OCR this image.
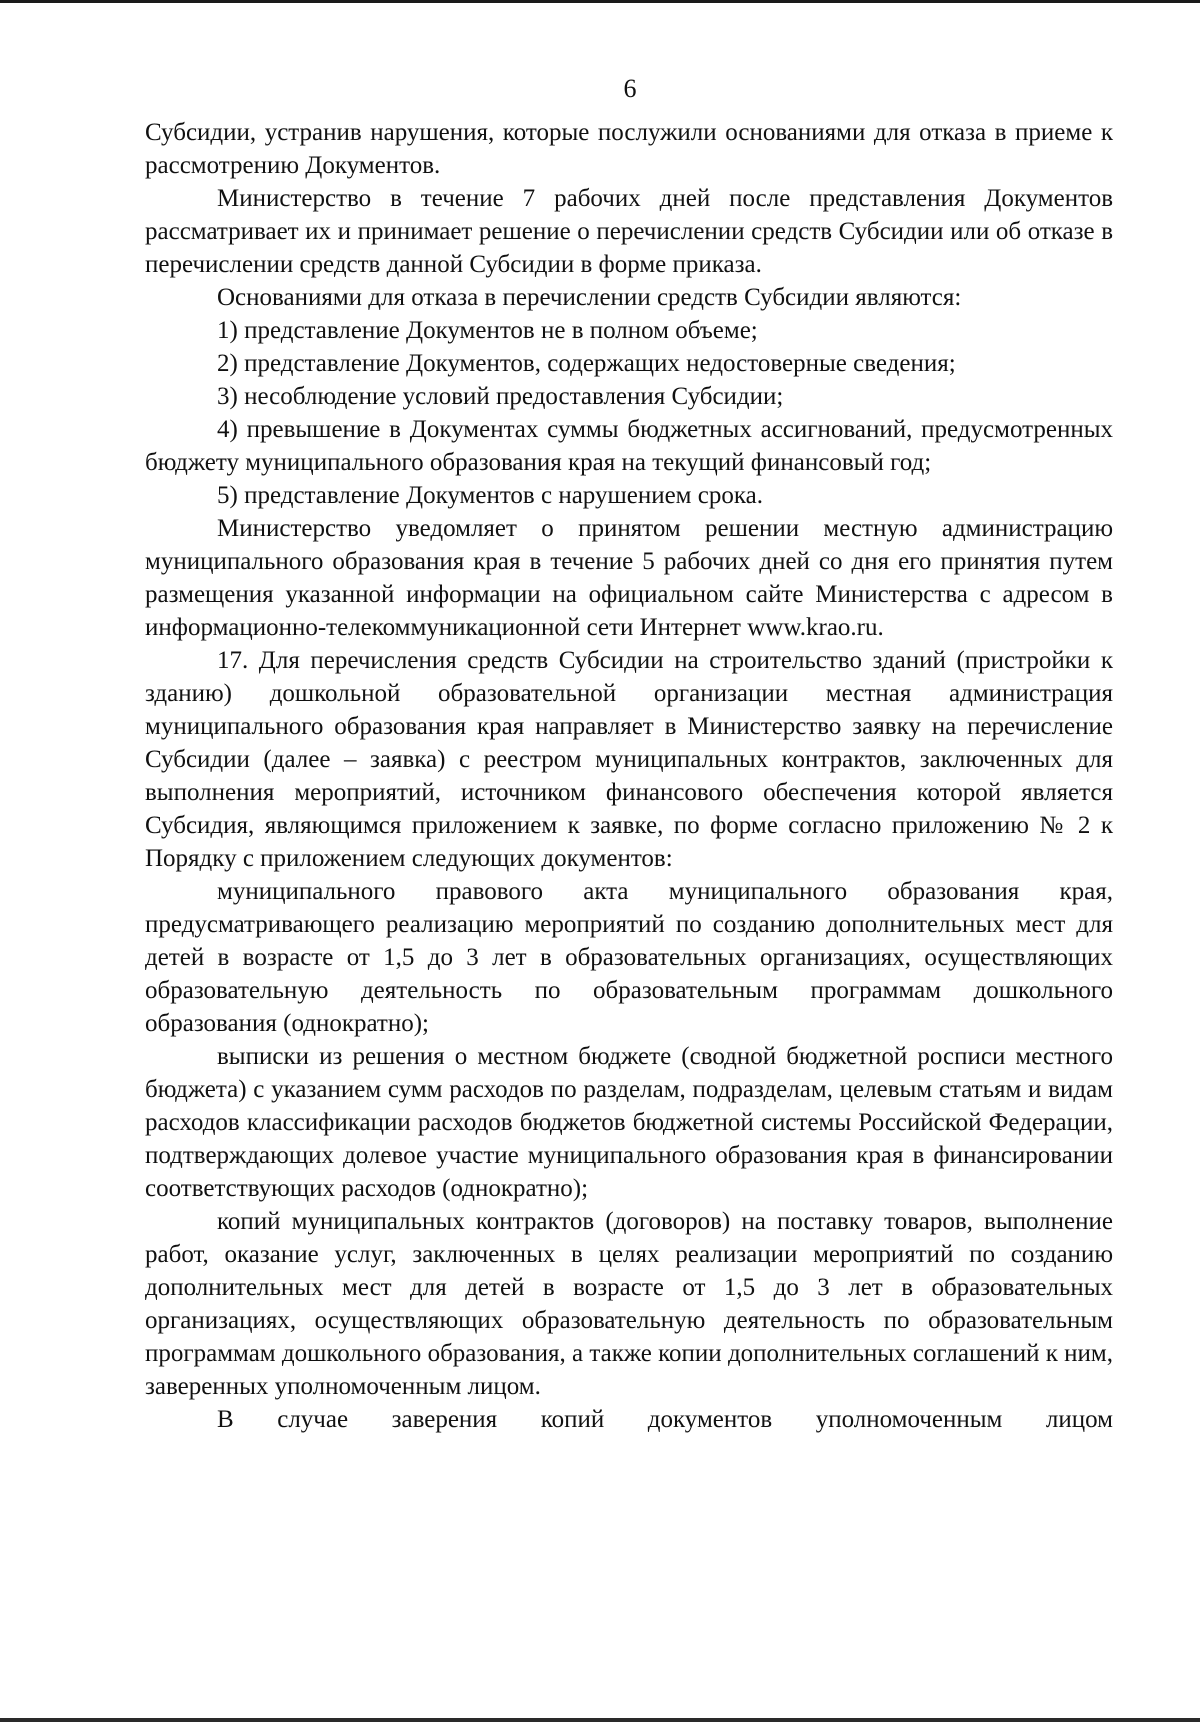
6

Субсидии, устранив нарушения, которые послужили основаниями для отказа в приеме к рассмотрению Документов.

Министерство в течение 7 рабочих дней после представления Документов рассматривает их и принимает решение о перечислении средств Субсидии или об отказе в перечислении средств данной Субсидии в форме приказа.

Основаниями для отказа в перечислении средств Субсидии являются:

1) представление Документов не в полном объеме;

2) представление Документов, содержащих недостоверные сведения;

3) несоблюдение условий предоставления Субсидии;

4) превышение в Документах суммы бюджетных ассигнований, предусмотренных бюджету муниципального образования края на текущий финансовый год;

5) представление Документов с нарушением срока.

Министерство уведомляет о принятом решении местную администрацию муниципального образования края в течение 5 рабочих дней со дня его принятия путем размещения указанной информации на официальном сайте Министерства с адресом в информационно-телекоммуникационной сети Интернет www.krao.ru.

17. Для перечисления средств Субсидии на строительство зданий (пристройки к зданию) дошкольной образовательной организации местная администрация муниципального образования края направляет в Министерство заявку на перечисление Субсидии (далее – заявка) с реестром муниципальных контрактов, заключенных для выполнения мероприятий, источником финансового обеспечения которой является Субсидия, являющимся приложением к заявке, по форме согласно приложению № 2 к Порядку с приложением следующих документов:

муниципального правового акта муниципального образования края, предусматривающего реализацию мероприятий по созданию дополнительных мест для детей в возрасте от 1,5 до 3 лет в образовательных организациях, осуществляющих образовательную деятельность по образовательным программам дошкольного образования (однократно);

выписки из решения о местном бюджете (сводной бюджетной росписи местного бюджета) с указанием сумм расходов по разделам, подразделам, целевым статьям и видам расходов классификации расходов бюджетов бюджетной системы Российской Федерации, подтверждающих долевое участие муниципального образования края в финансировании соответствующих расходов (однократно);

копий муниципальных контрактов (договоров) на поставку товаров, выполнение работ, оказание услуг, заключенных в целях реализации мероприятий по созданию дополнительных мест для детей в возрасте от 1,5 до 3 лет в образовательных организациях, осуществляющих образовательную деятельность по образовательным программам дошкольного образования, а также копии дополнительных соглашений к ним, заверенных уполномоченным лицом.

В случае заверения копий документов уполномоченным лицом
